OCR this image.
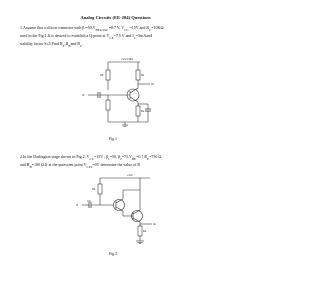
Analog Circuits (EE-204) Questions
1.Assume that a silicon transistor with $\beta =50,V_{BEactive} =0.7$ V, $V_{CC} =15V$ and $R_C=10K\Omega$
used in the Fig.1.It is desired to establish a Q-point at $V_{CE}=7.5$ V and $I_C=5mAand$
stability factor S≤5 Find $R_E,R_Band$ $R_C$.
+Vcc=15V
Rb	Rc
Vo
Vi
Re
Fig.1
2.In the Darlington stage shown in Fig.2, $V_{CC}=15V$ , $\beta_1=50$, $\beta_2=75,V_{BE}=0.7,R_E=750$ Ω
and $R_B=100$ Ω.If at the quiescent point $V_{CE2}=0V$ determine the value of R
+Vcc
Rb
Vi
Cin
Re
Vo
Fig.2
